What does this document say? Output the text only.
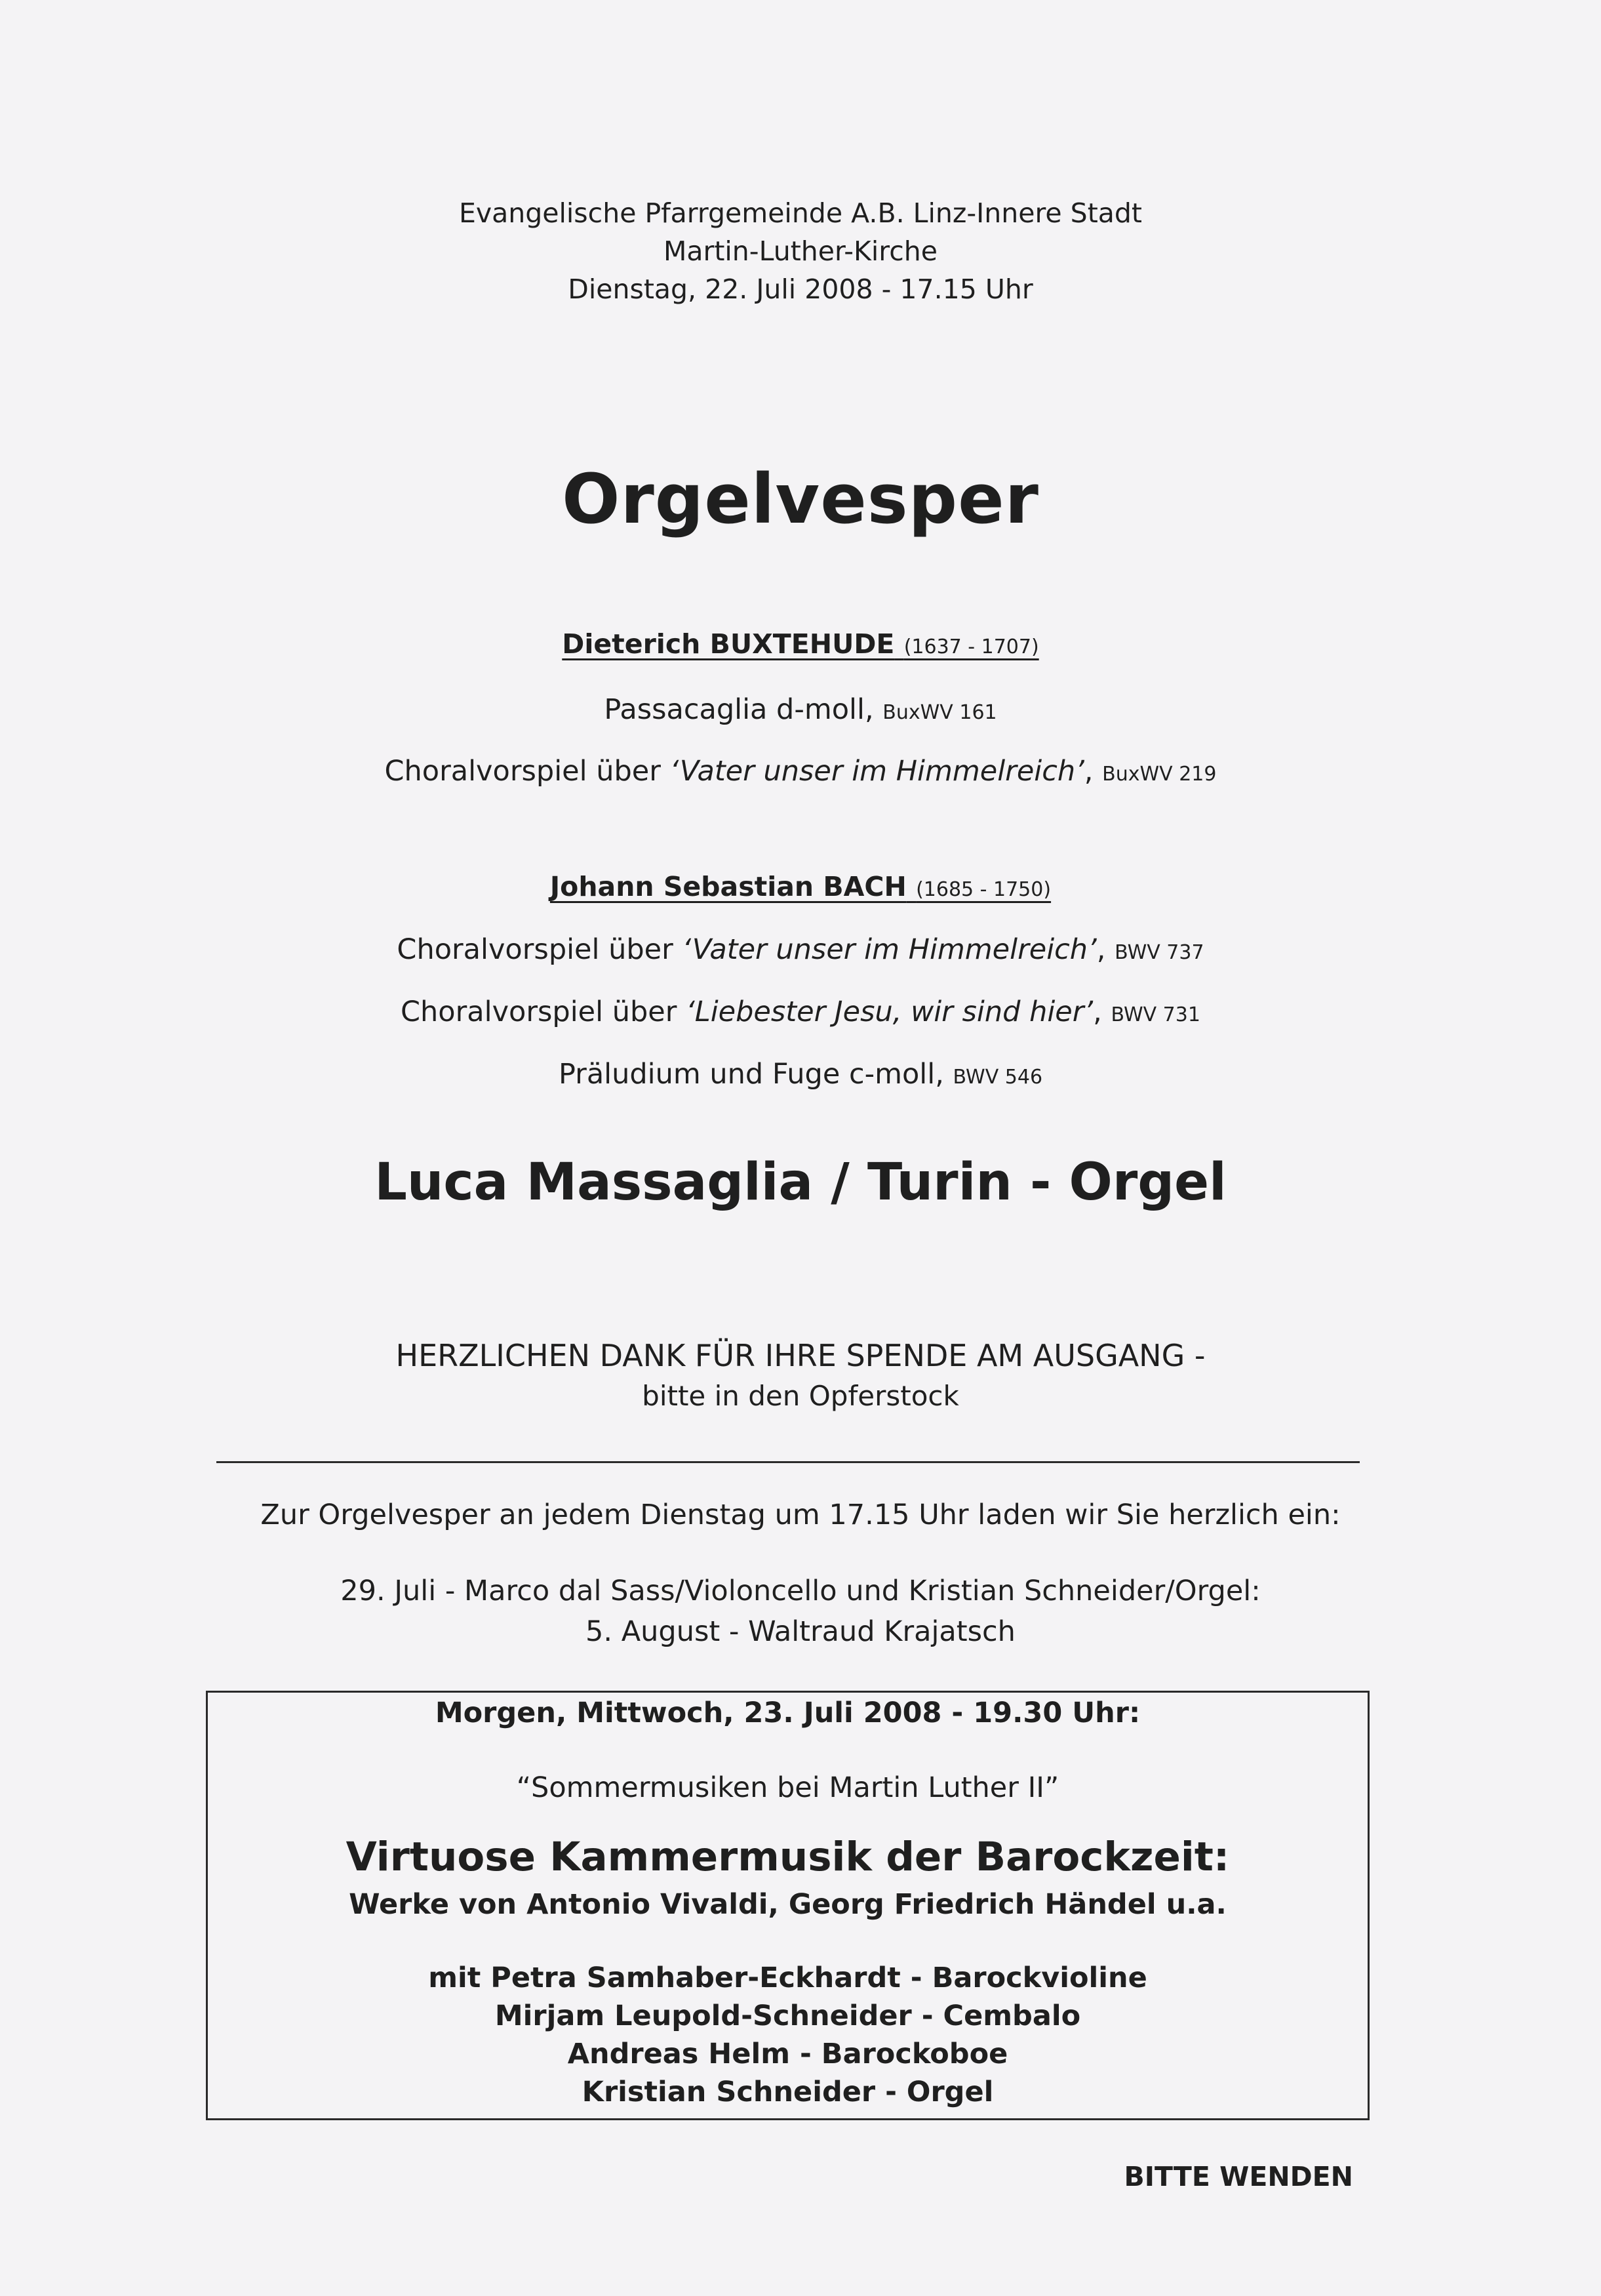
Evangelische Pfarrgemeinde A.B. Linz-Innere Stadt
Martin-Luther-Kirche
Dienstag, 22. Juli 2008 - 17.15 Uhr
Orgelvesper
Dieterich BUXTEHUDE (1637 - 1707)
Passacaglia d-moll, BuxWV 161
Choralvorspiel über ‘Vater unser im Himmelreich’, BuxWV 219
Johann Sebastian BACH (1685 - 1750)
Choralvorspiel über ‘Vater unser im Himmelreich’, BWV 737
Choralvorspiel über ‘Liebester Jesu, wir sind hier’, BWV 731
Präludium und Fuge c-moll, BWV 546
Luca Massaglia / Turin - Orgel
HERZLICHEN DANK FÜR IHRE SPENDE AM AUSGANG -
bitte in den Opferstock
Zur Orgelvesper an jedem Dienstag um 17.15 Uhr laden wir Sie herzlich ein:
29. Juli - Marco dal Sass/Violoncello und Kristian Schneider/Orgel:
5. August - Waltraud Krajatsch
Morgen, Mittwoch, 23. Juli 2008 - 19.30 Uhr:
“Sommermusiken bei Martin Luther II”
Virtuose Kammermusik der Barockzeit:
Werke von Antonio Vivaldi, Georg Friedrich Händel u.a.
mit Petra Samhaber-Eckhardt - Barockvioline
Mirjam Leupold-Schneider - Cembalo
Andreas Helm - Barockoboe
Kristian Schneider - Orgel
BITTE WENDEN
